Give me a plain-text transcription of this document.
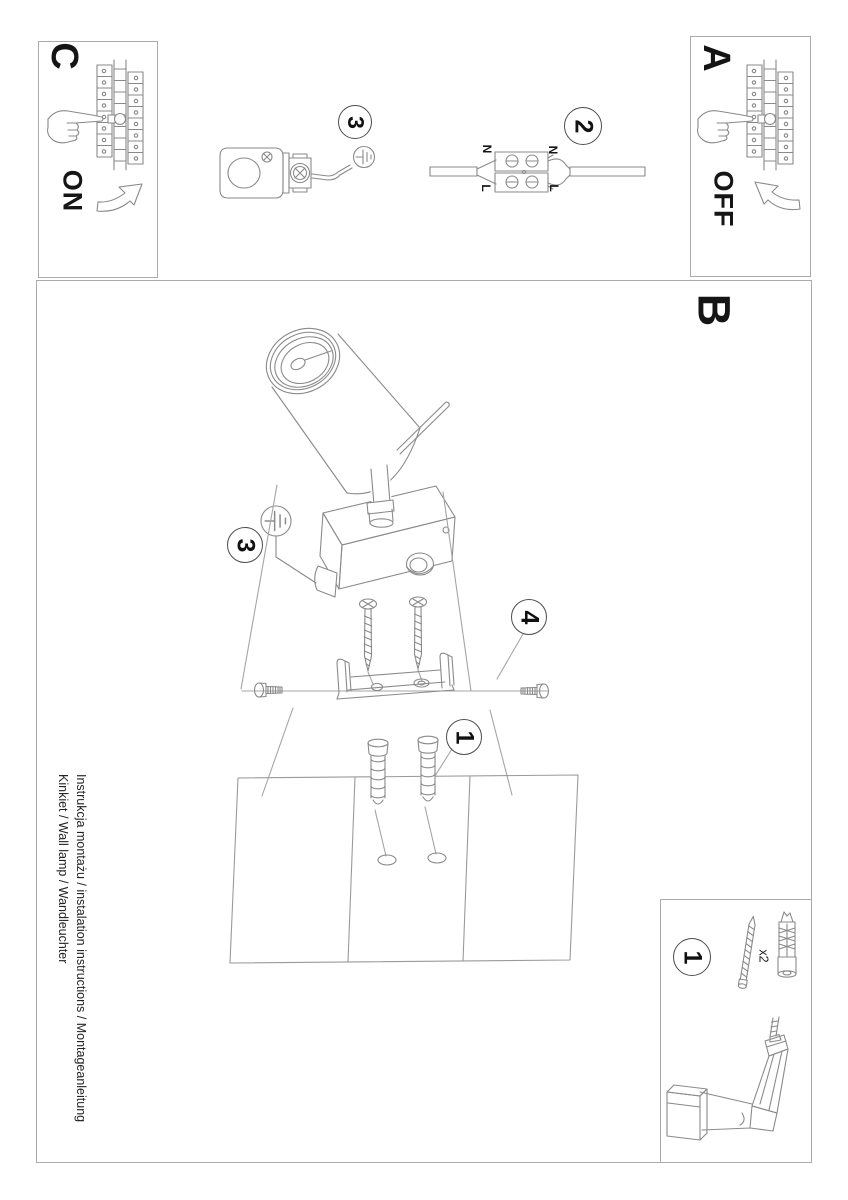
C
ON
A
OFF
B
3	2
3
4
1
1
N	N
L	L
x2
Instrukcja montażu / instalation instructions / Montageanleitung
Kinkiet / Wall lamp / Wandleuchter
